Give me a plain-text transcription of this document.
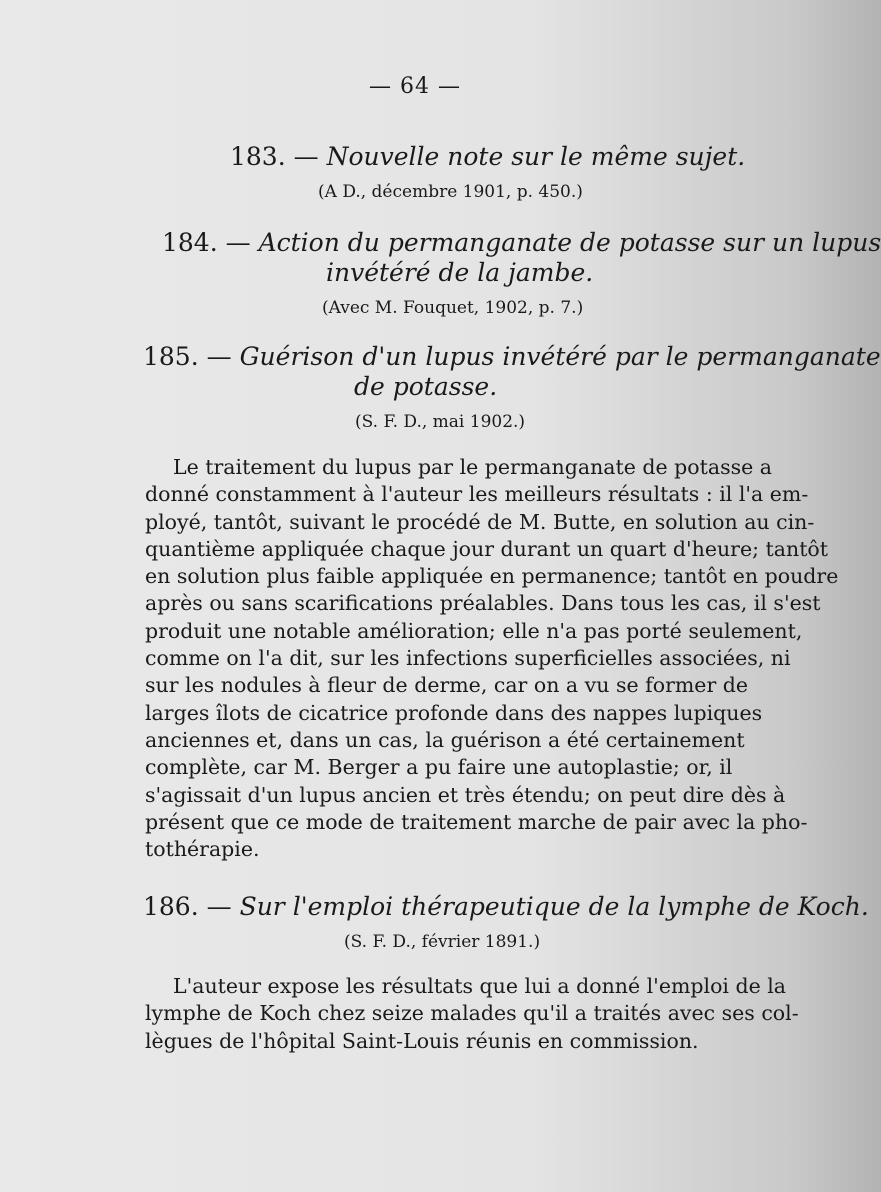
— 64 —
183. — Nouvelle note sur le même sujet.
(A D., décembre 1901, p. 450.)
184. — Action du permanganate de potasse sur un lupus
invétéré de la jambe.
(Avec M. Fouquet, 1902, p. 7.)
185. — Guérison d'un lupus invétéré par le permanganate
de potasse.
(S. F. D., mai 1902.)
Le traitement du lupus par le permanganate de potasse a
donné constamment à l'auteur les meilleurs résultats : il l'a em-
ployé, tantôt, suivant le procédé de M. Butte, en solution au cin-
quantième appliquée chaque jour durant un quart d'heure; tantôt
en solution plus faible appliquée en permanence; tantôt en poudre
après ou sans scarifications préalables. Dans tous les cas, il s'est
produit une notable amélioration; elle n'a pas porté seulement,
comme on l'a dit, sur les infections superficielles associées, ni
sur les nodules à fleur de derme, car on a vu se former de
larges îlots de cicatrice profonde dans des nappes lupiques
anciennes et, dans un cas, la guérison a été certainement
complète, car M. Berger a pu faire une autoplastie; or, il
s'agissait d'un lupus ancien et très étendu; on peut dire dès à
présent que ce mode de traitement marche de pair avec la pho-
tothérapie.
186. — Sur l'emploi thérapeutique de la lymphe de Koch.
(S. F. D., février 1891.)
L'auteur expose les résultats que lui a donné l'emploi de la
lymphe de Koch chez seize malades qu'il a traités avec ses col-
lègues de l'hôpital Saint-Louis réunis en commission.
